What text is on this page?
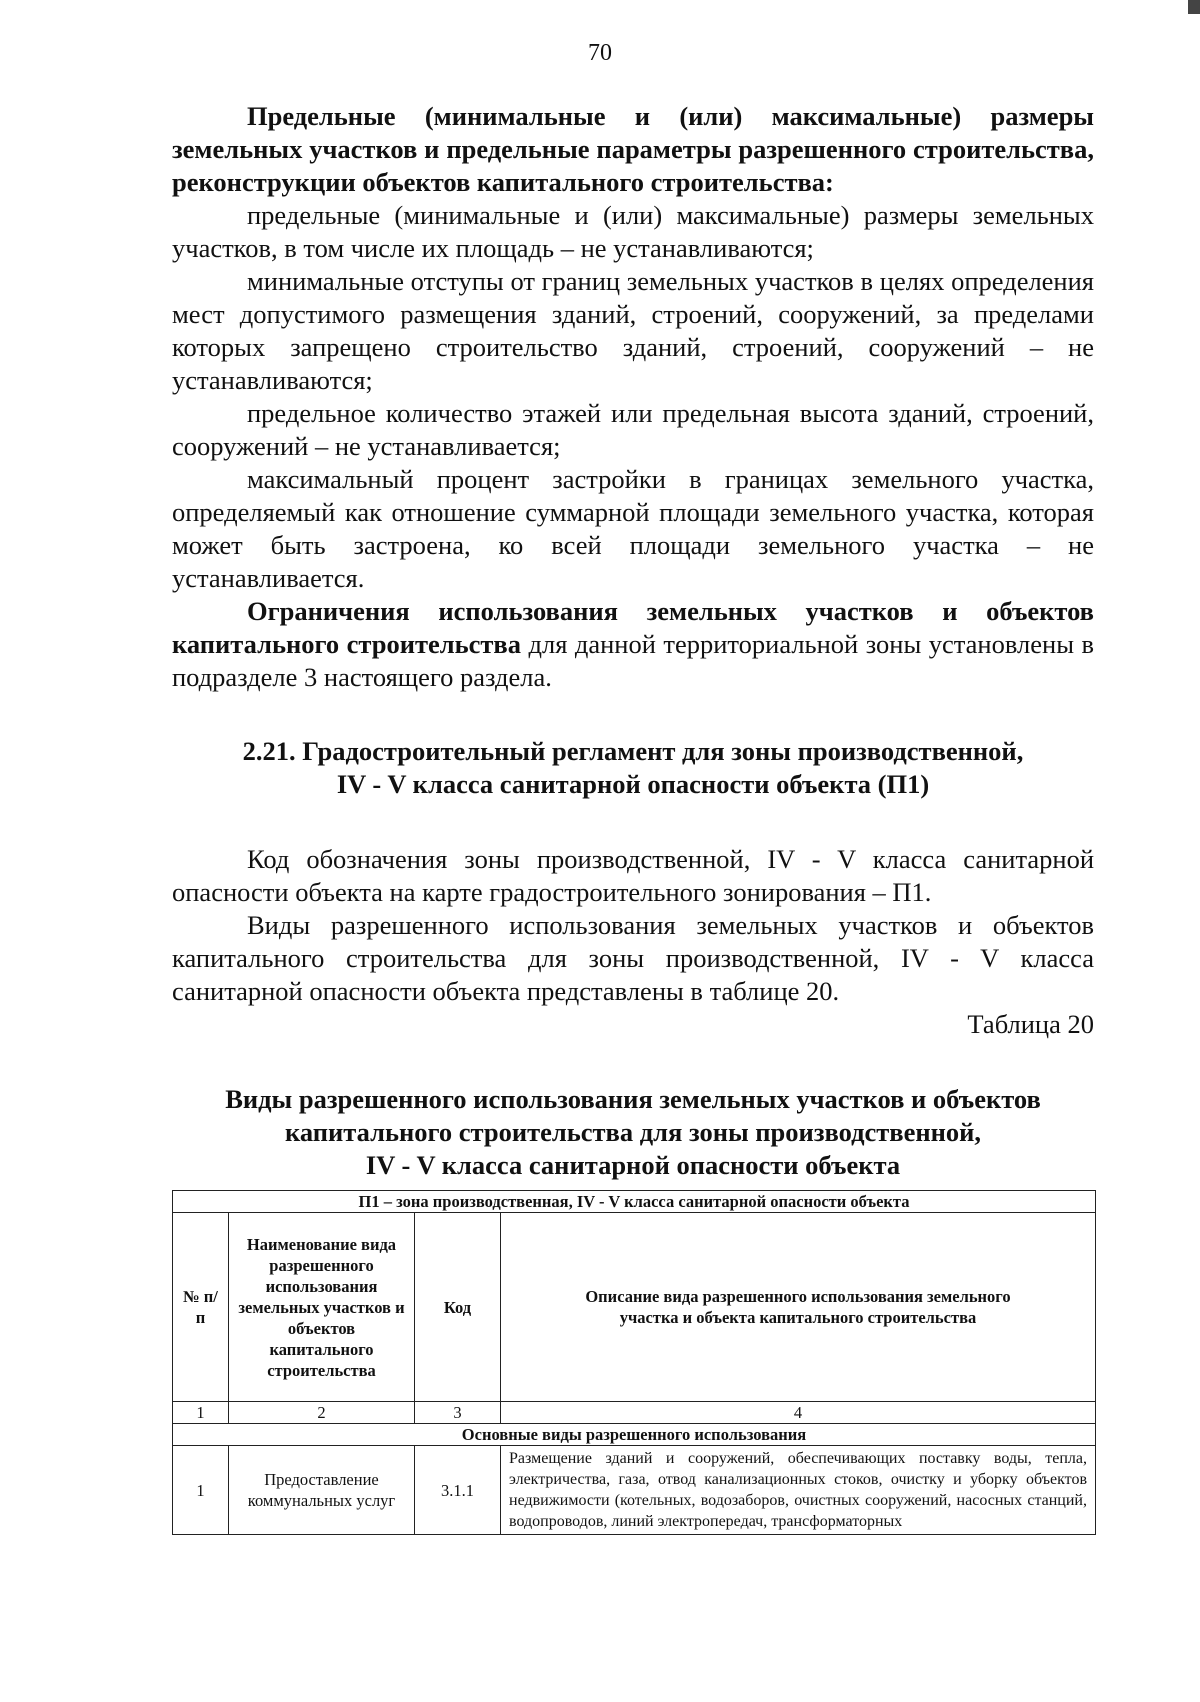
70

Предельные (минимальные и (или) максимальные) размеры земельных участков и предельные параметры разрешенного строительства, реконструкции объектов капитального строительства:

предельные (минимальные и (или) максимальные) размеры земельных участков, в том числе их площадь – не устанавливаются;

минимальные отступы от границ земельных участков в целях определения мест допустимого размещения зданий, строений, сооружений, за пределами которых запрещено строительство зданий, строений, сооружений – не устанавливаются;

предельное количество этажей или предельная высота зданий, строений, сооружений – не устанавливается;

максимальный процент застройки в границах земельного участка, определяемый как отношение суммарной площади земельного участка, которая может быть застроена, ко всей площади земельного участка – не устанавливается.

Ограничения использования земельных участков и объектов капитального строительства для данной территориальной зоны установлены в подразделе 3 настоящего раздела.

2.21. Градостроительный регламент для зоны производственной,
IV - V класса санитарной опасности объекта (П1)

Код обозначения зоны производственной, IV - V класса санитарной опасности объекта на карте градостроительного зонирования – П1.

Виды разрешенного использования земельных участков и объектов капитального строительства для зоны производственной, IV - V класса санитарной опасности объекта представлены в таблице 20.

Таблица 20

Виды разрешенного использования земельных участков и объектов
капитального строительства для зоны производственной,
IV - V класса санитарной опасности объекта
П1 – зона производственная, IV - V класса санитарной опасности объекта			
№ п/п	Наименование вида разрешенного использования земельных участков и объектов капитального строительства	Код	Описание вида разрешенного использования земельного участка и объекта капитального строительства
1	2	3	4
Основные виды разрешенного использования			
1	Предоставление коммунальных услуг	3.1.1	Размещение зданий и сооружений, обеспечивающих поставку воды, тепла, электричества, газа, отвод канализационных стоков, очистку и уборку объектов недвижимости (котельных, водозаборов, очистных сооружений, насосных станций, водопроводов, линий электропередач, трансформаторных
